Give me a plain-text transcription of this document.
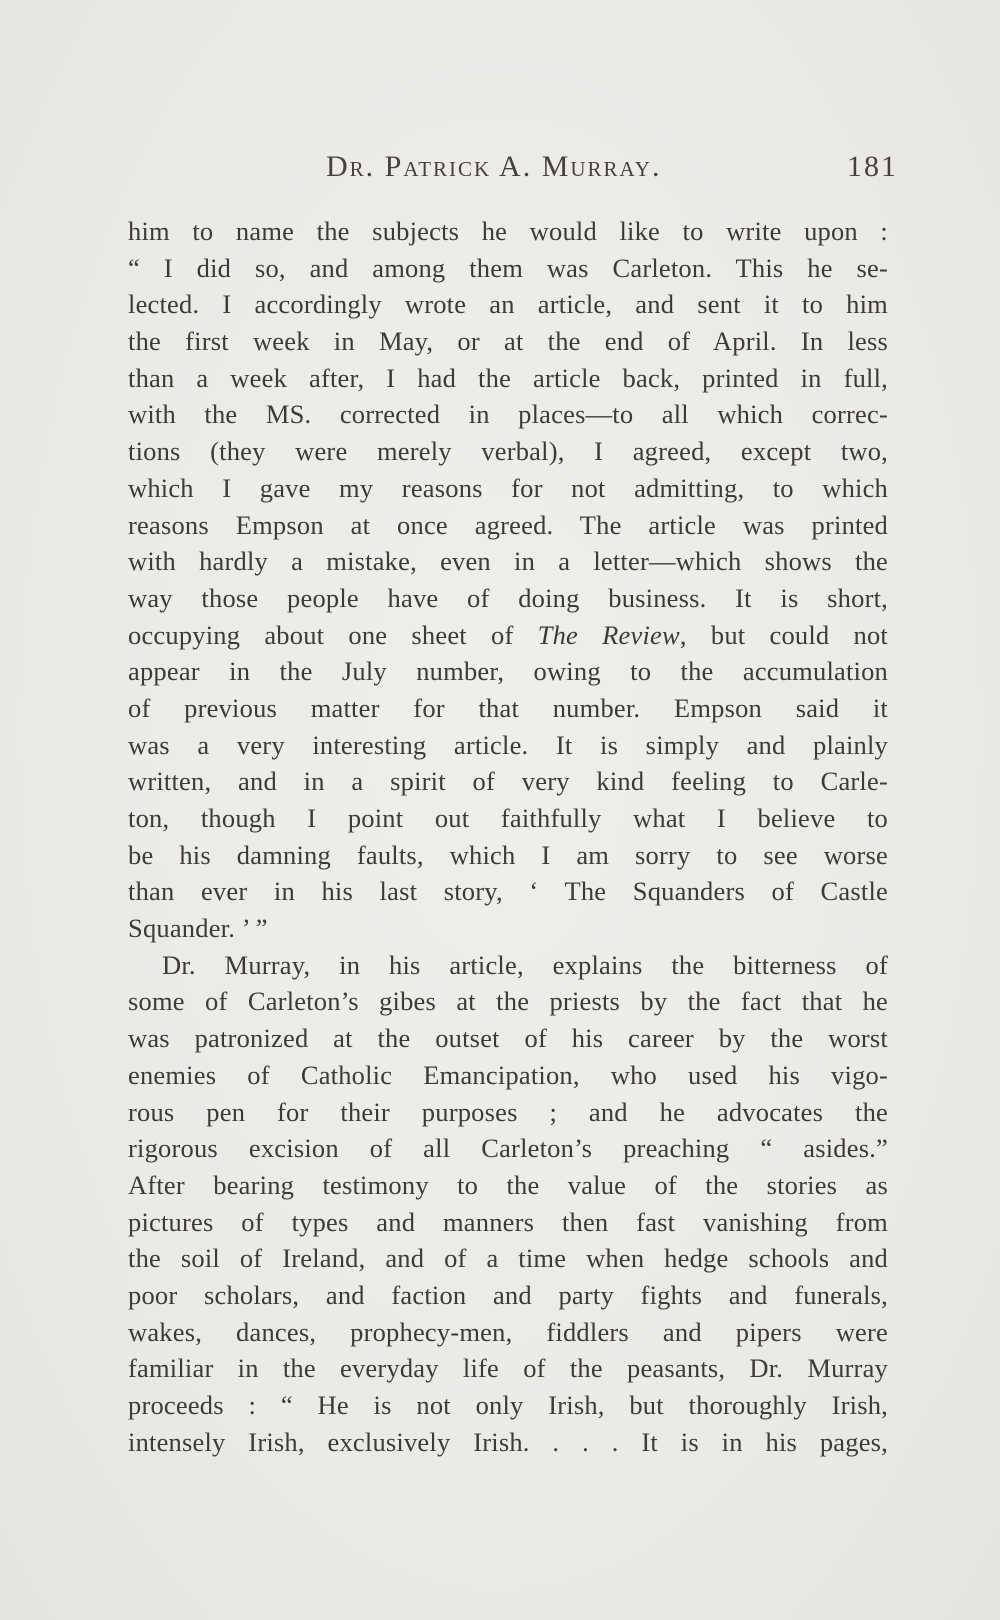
Dr. Patrick A. Murray.	181
him to name the subjects he would like to write upon :
“ I did so, and among them was Carleton. This he se-
lected. I accordingly wrote an article, and sent it to him
the first week in May, or at the end of April. In less
than a week after, I had the article back, printed in full,
with the MS. corrected in places—to all which correc-
tions (they were merely verbal), I agreed, except two,
which I gave my reasons for not admitting, to which
reasons Empson at once agreed. The article was printed
with hardly a mistake, even in a letter—which shows the
way those people have of doing business. It is short,
occupying about one sheet of The Review, but could not
appear in the July number, owing to the accumulation
of previous matter for that number. Empson said it
was a very interesting article. It is simply and plainly
written, and in a spirit of very kind feeling to Carle-
ton, though I point out faithfully what I believe to
be his damning faults, which I am sorry to see worse
than ever in his last story, ‘ The Squanders of Castle
Squander. ’ ”
Dr. Murray, in his article, explains the bitterness of
some of Carleton’s gibes at the priests by the fact that he
was patronized at the outset of his career by the worst
enemies of Catholic Emancipation, who used his vigo-
rous pen for their purposes ; and he advocates the
rigorous excision of all Carleton’s preaching “ asides.”
After bearing testimony to the value of the stories as
pictures of types and manners then fast vanishing from
the soil of Ireland, and of a time when hedge schools and
poor scholars, and faction and party fights and funerals,
wakes, dances, prophecy-men, fiddlers and pipers were
familiar in the everyday life of the peasants, Dr. Murray
proceeds : “ He is not only Irish, but thoroughly Irish,
intensely Irish, exclusively Irish. . . . It is in his pages,
